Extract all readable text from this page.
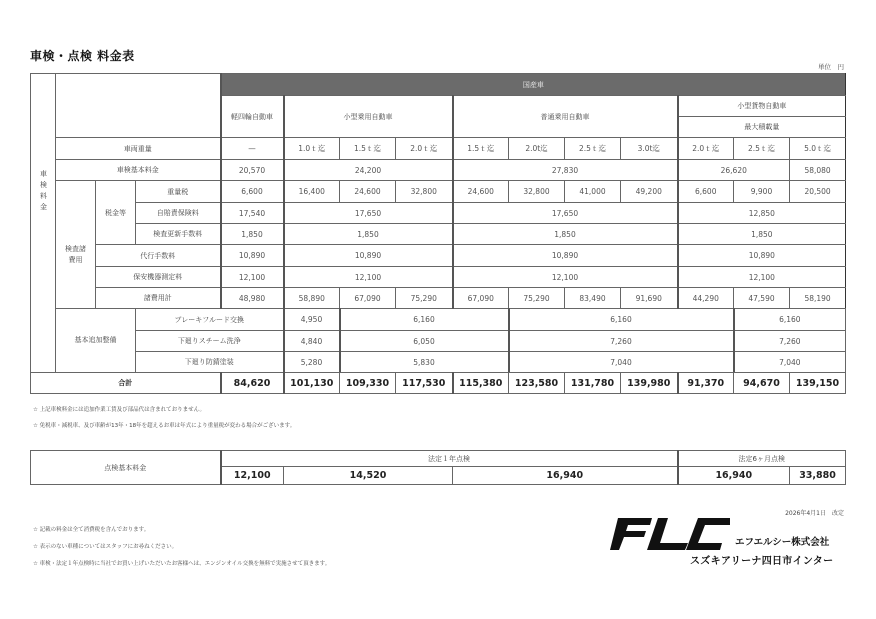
車検・点検 料金表
単位　円
車検料金				国産車											
				軽四輪自動車	小型乗用自動車			普通乗用自動車				小型貨物自動車			
												最大積載量			
	車両重量			—	1.0ｔ迄	1.5ｔ迄	2.0ｔ迄	1.5ｔ迄	2.0t迄	2.5ｔ迄	3.0t迄	2.0ｔ迄	2.5ｔ迄	5.0ｔ迄	
	車検基本料金			20,570	24,200			27,830				26,620		58,080	
	検査諸費用	税金等	重量税	6,600	16,400	24,600	32,800	24,600	32,800	41,000	49,200	6,600	9,900	20,500	
			自賠責保険料	17,540	17,650			17,650				12,850			
			検査更新手数料	1,850	1,850			1,850				1,850			
		代行手数料		10,890	10,890			10,890				10,890			
		保安機器測定料		12,100	12,100			12,100				12,100			
		諸費用計		48,980	58,890	67,090	75,290	67,090	75,290	83,490	91,690	44,290	47,590	58,190	
	基本追加整備		ブレーキフルード交換		4,950	6,160			6,160				6,160		
			下廻りスチーム洗浄		4,840	6,050			7,260				7,260	
			下廻り防錆塗装		5,280	5,830			7,040				7,040	
合計	84,620	101,130	109,330	117,530	115,380	123,580	131,780	139,980	91,370	94,670	139,150
☆ 上記車検料金には追加作業工賃及び部品代は含まれておりません。
☆ 免税車・減税車、及び車齢が13年・18年を超えるお車は年式により重量税が変わる場合がございます。
点検基本料金	法定１年点検			法定6ヶ月点検	
	12,100	14,520	16,940	16,940	33,880
2026年4月1日　改定
☆ 記載の料金は全て消費税を含んでおります。
☆ 表示のない車種についてはスタッフにお尋ねください。
☆ 車検・法定１年点検時に当社でお買い上げいただいたお客様へは、エンジンオイル交換を無料で実施させて頂きます。
エフエルシー株式会社
スズキアリーナ四日市インター
